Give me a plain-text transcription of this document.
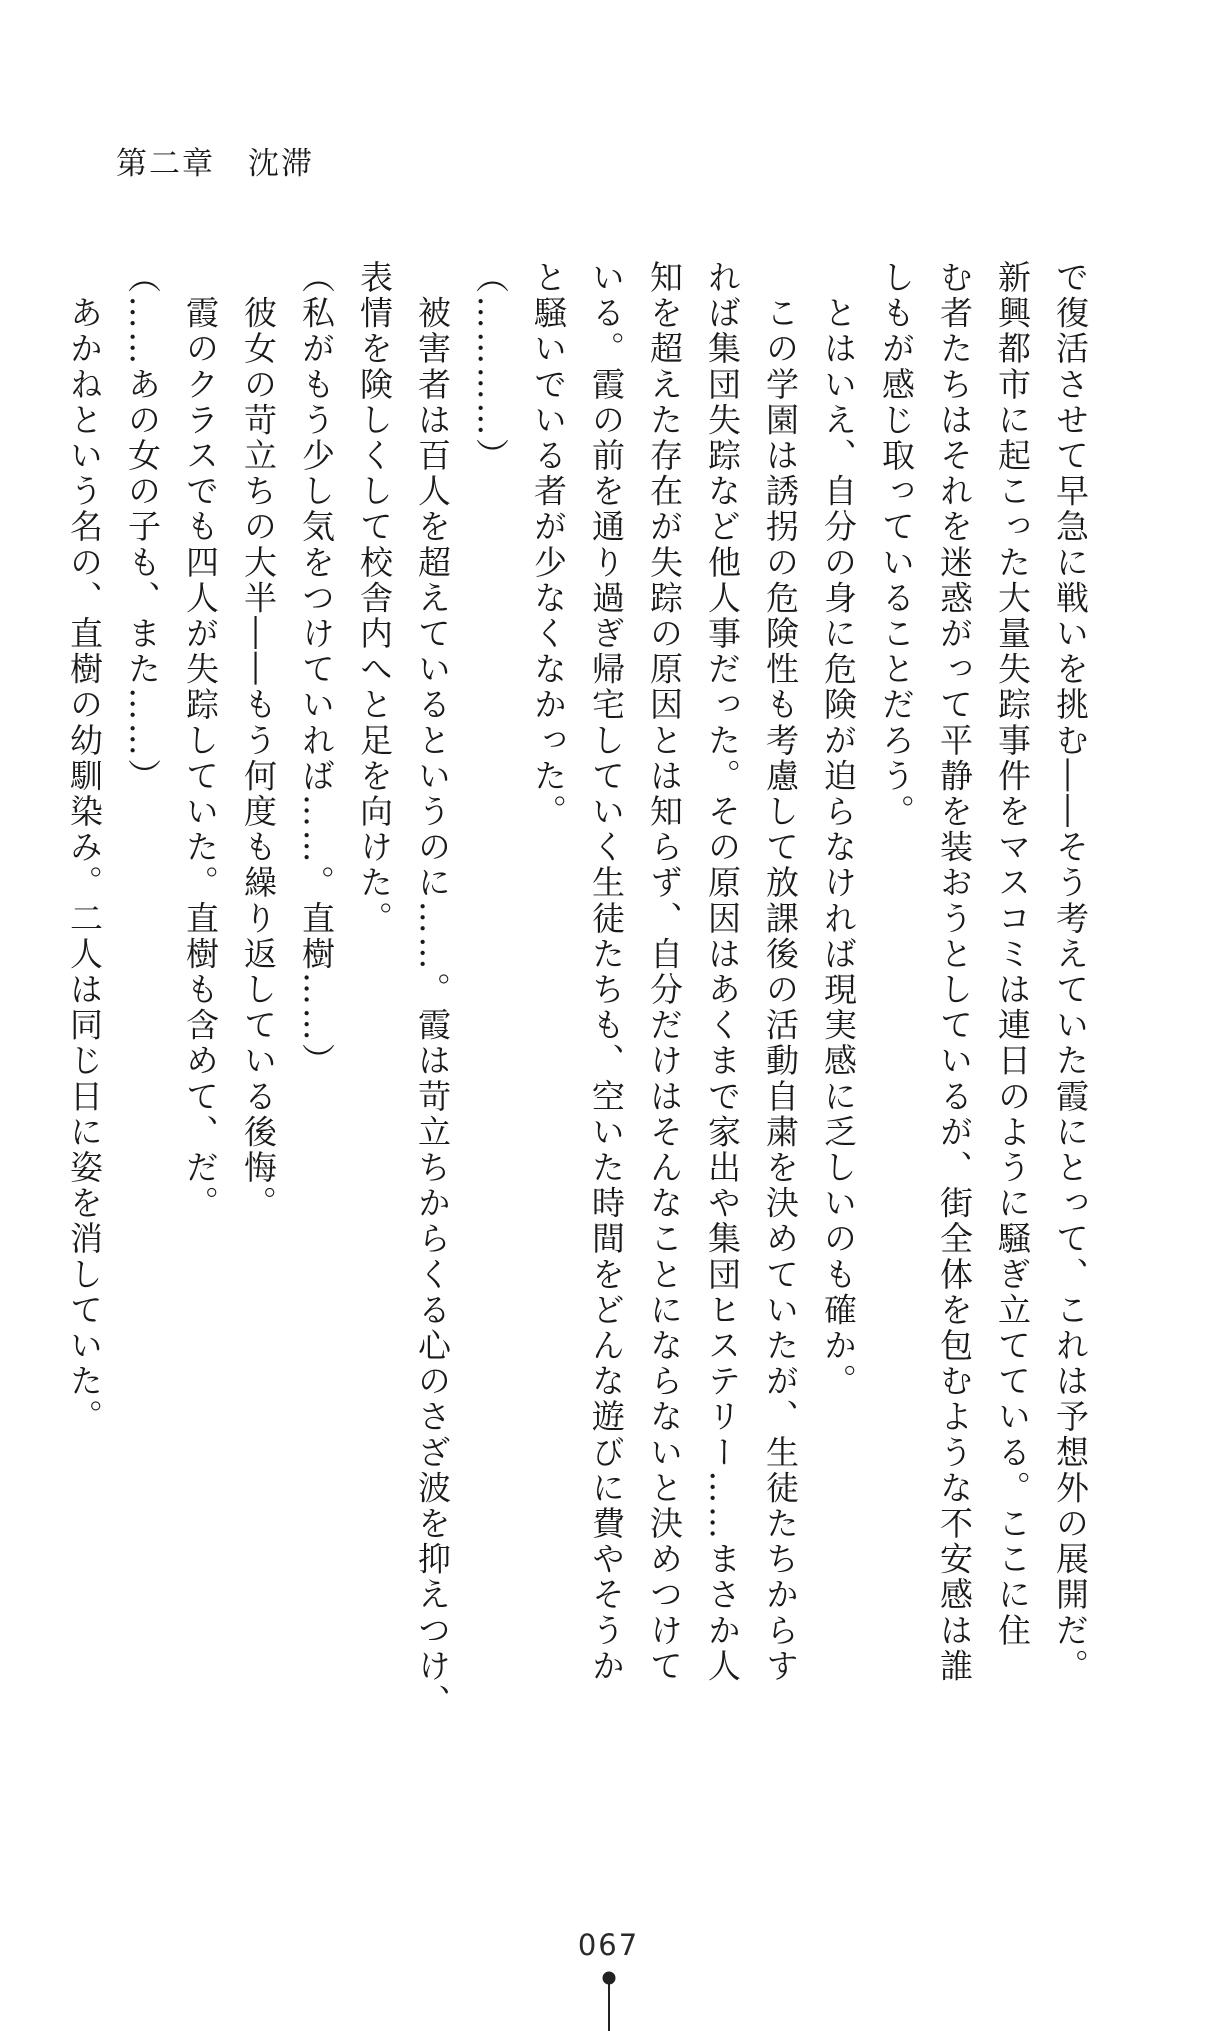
第二章　沈滞
で復活させて早急に戦いを挑む――そう考えていた霞にとって、これは予想外の展開だ。
新興都市に起こった大量失踪事件をマスコミは連日のように騒ぎ立てている。ここに住
む者たちはそれを迷惑がって平静を装おうとしているが、街全体を包むような不安感は誰
しもが感じ取っていることだろう。
　とはいえ、自分の身に危険が迫らなければ現実感に乏しいのも確か。
　この学園は誘拐の危険性も考慮して放課後の活動自粛を決めていたが、生徒たちからす
れば集団失踪など他人事だった。その原因はあくまで家出や集団ヒステリー……まさか人
知を超えた存在が失踪の原因とは知らず、自分だけはそんなことにならないと決めつけて
いる。霞の前を通り過ぎ帰宅していく生徒たちも、空いた時間をどんな遊びに費やそうか
と騒いでいる者が少なくなかった。
（…………）
　被害者は百人を超えているというのに……。霞は苛立ちからくる心のさざ波を抑えつけ、
表情を険しくして校舎内へと足を向けた。
（私がもう少し気をつけていれば……。直樹……）
　彼女の苛立ちの大半――もう何度も繰り返している後悔。
　霞のクラスでも四人が失踪していた。直樹も含めて、だ。
（……あの女の子も、また……）
　あかねという名の、直樹の幼馴染み。二人は同じ日に姿を消していた。
067
